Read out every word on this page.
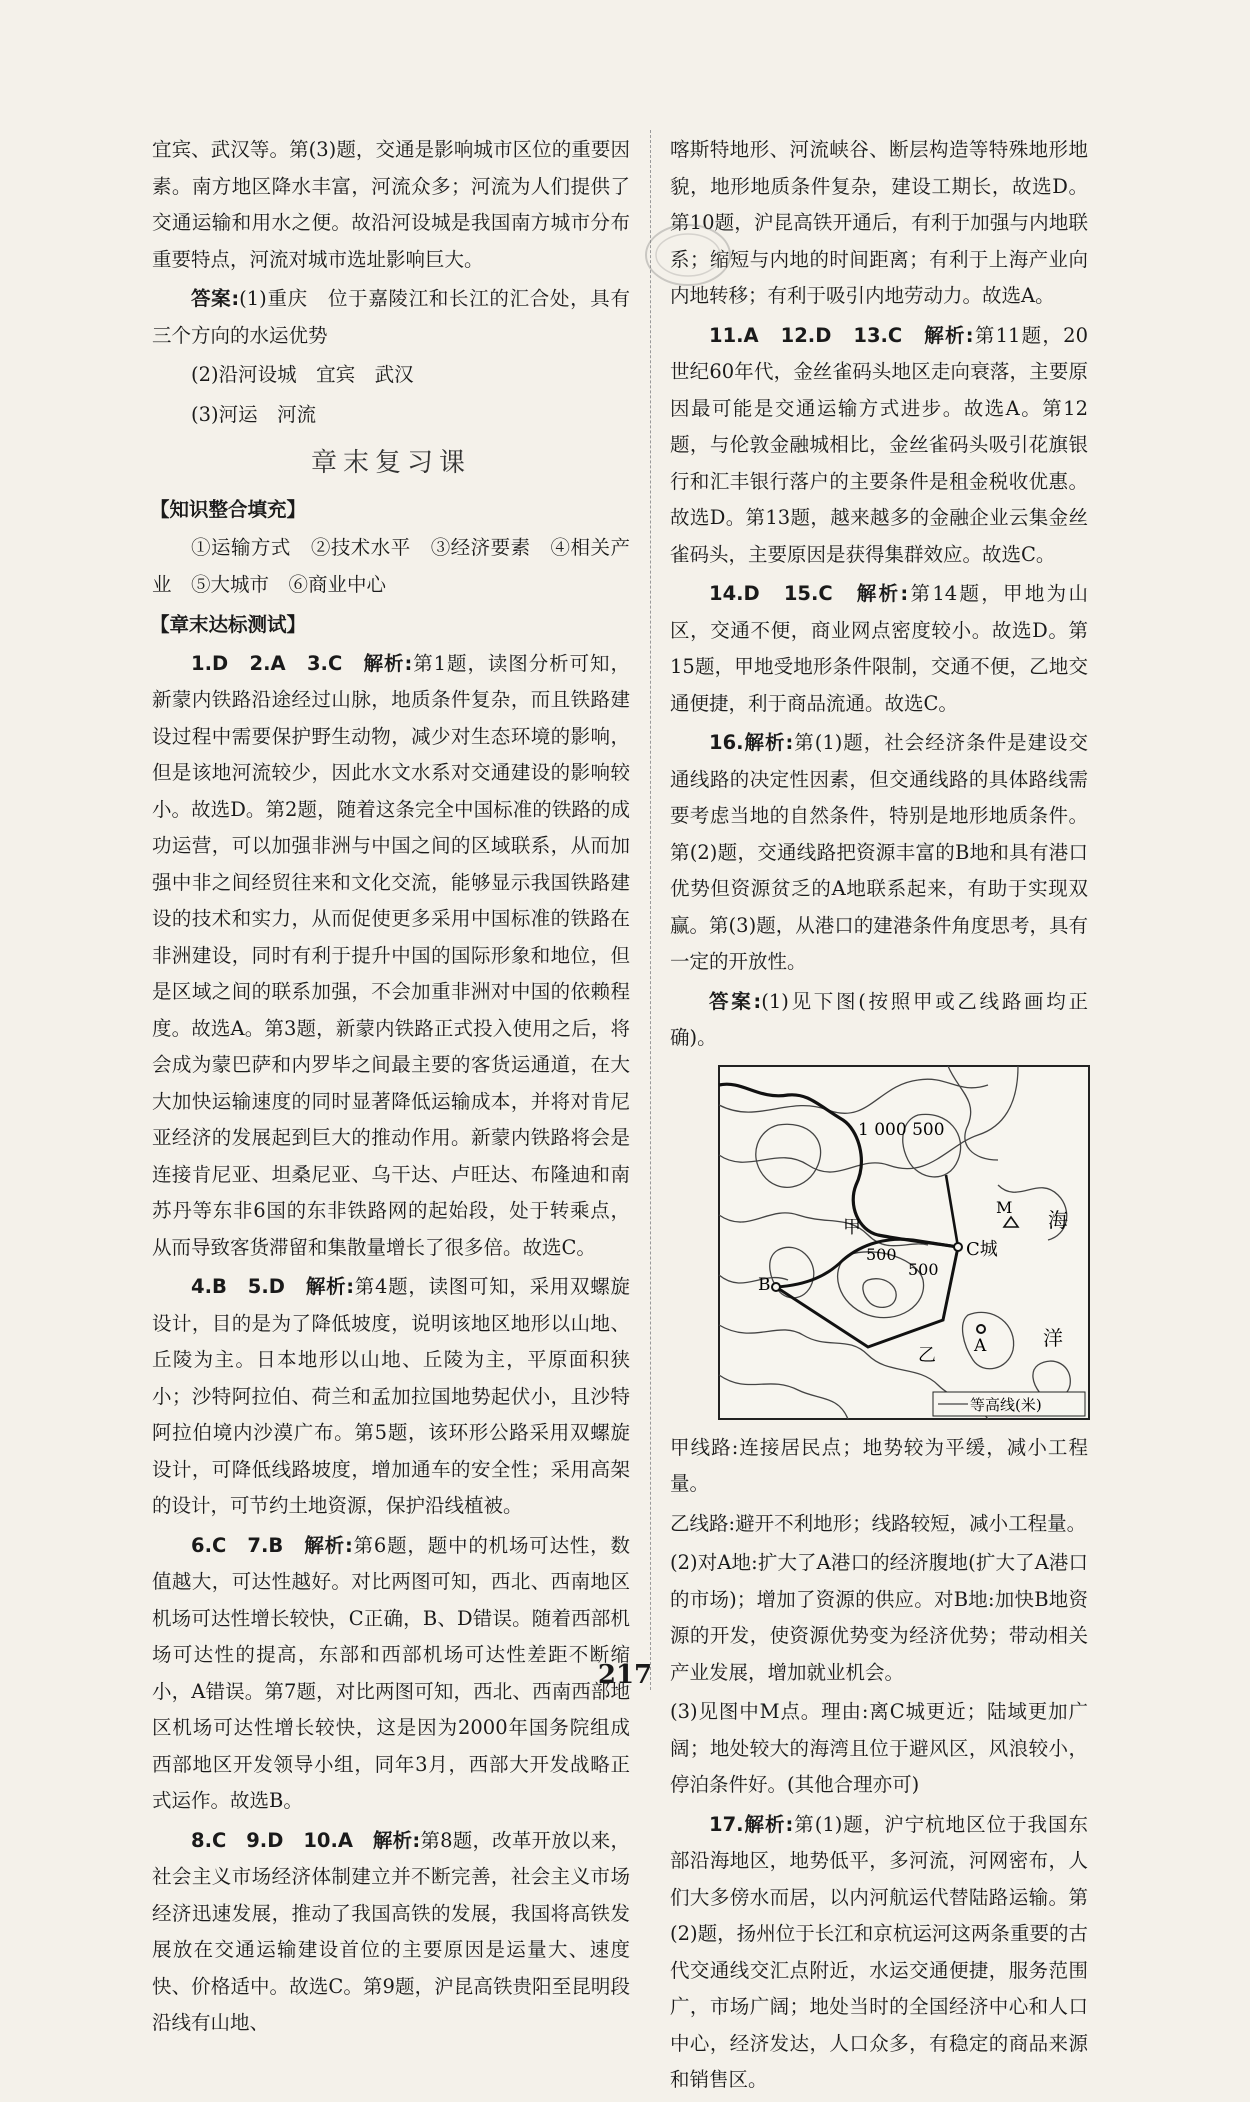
宜宾、武汉等。第(3)题，交通是影响城市区位的重要因素。南方地区降水丰富，河流众多；河流为人们提供了交通运输和用水之便。故沿河设城是我国南方城市分布重要特点，河流对城市选址影响巨大。

答案:(1)重庆　位于嘉陵江和长江的汇合处，具有三个方向的水运优势

(2)沿河设城　宜宾　武汉

(3)河运　河流

章末复习课
【知识整合填充】

①运输方式　②技术水平　③经济要素　④相关产业　⑤大城市　⑥商业中心

【章末达标测试】

1.D　2.A　3.C　解析:第1题，读图分析可知，新蒙内铁路沿途经过山脉，地质条件复杂，而且铁路建设过程中需要保护野生动物，减少对生态环境的影响，但是该地河流较少，因此水文水系对交通建设的影响较小。故选D。第2题，随着这条完全中国标准的铁路的成功运营，可以加强非洲与中国之间的区域联系，从而加强中非之间经贸往来和文化交流，能够显示我国铁路建设的技术和实力，从而促使更多采用中国标准的铁路在非洲建设，同时有利于提升中国的国际形象和地位，但是区域之间的联系加强，不会加重非洲对中国的依赖程度。故选A。第3题，新蒙内铁路正式投入使用之后，将会成为蒙巴萨和内罗毕之间最主要的客货运通道，在大大加快运输速度的同时显著降低运输成本，并将对肯尼亚经济的发展起到巨大的推动作用。新蒙内铁路将会是连接肯尼亚、坦桑尼亚、乌干达、卢旺达、布隆迪和南苏丹等东非6国的东非铁路网的起始段，处于转乘点，从而导致客货滞留和集散量增长了很多倍。故选C。

4.B　5.D　解析:第4题，读图可知，采用双螺旋设计，目的是为了降低坡度，说明该地区地形以山地、丘陵为主。日本地形以山地、丘陵为主，平原面积狭小；沙特阿拉伯、荷兰和孟加拉国地势起伏小，且沙特阿拉伯境内沙漠广布。第5题，该环形公路采用双螺旋设计，可降低线路坡度，增加通车的安全性；采用高架的设计，可节约土地资源，保护沿线植被。

6.C　7.B　解析:第6题，题中的机场可达性，数值越大，可达性越好。对比两图可知，西北、西南地区机场可达性增长较快，C正确，B、D错误。随着西部机场可达性的提高，东部和西部机场可达性差距不断缩小，A错误。第7题，对比两图可知，西北、西南西部地区机场可达性增长较快，这是因为2000年国务院组成西部地区开发领导小组，同年3月，西部大开发战略正式运作。故选B。

8.C　9.D　10.A　解析:第8题，改革开放以来，社会主义市场经济体制建立并不断完善，社会主义市场经济迅速发展，推动了我国高铁的发展，我国将高铁发展放在交通运输建设首位的主要原因是运量大、速度快、价格适中。故选C。第9题，沪昆高铁贵阳至昆明段沿线有山地、

喀斯特地形、河流峡谷、断层构造等特殊地形地貌，地形地质条件复杂，建设工期长，故选D。第10题，沪昆高铁开通后，有利于加强与内地联系；缩短与内地的时间距离；有利于上海产业向内地转移；有利于吸引内地劳动力。故选A。

11.A　12.D　13.C　解析:第11题，20世纪60年代，金丝雀码头地区走向衰落，主要原因最可能是交通运输方式进步。故选A。第12题，与伦敦金融城相比，金丝雀码头吸引花旗银行和汇丰银行落户的主要条件是租金税收优惠。故选D。第13题，越来越多的金融企业云集金丝雀码头，主要原因是获得集群效应。故选C。

14.D　15.C　解析:第14题，甲地为山区，交通不便，商业网点密度较小。故选D。第15题，甲地受地形条件限制，交通不便，乙地交通便捷，利于商品流通。故选C。

16.解析:第(1)题，社会经济条件是建设交通线路的决定性因素，但交通线路的具体路线需要考虑当地的自然条件，特别是地形地质条件。第(2)题，交通线路把资源丰富的B地和具有港口优势但资源贫乏的A地联系起来，有助于实现双赢。第(3)题，从港口的建港条件角度思考，具有一定的开放性。

答案:(1)见下图(按照甲或乙线路画均正确)。

1 000 500
M
海
洋
甲
500
500
C城
B
A
乙
等高线(米)

甲线路:连接居民点；地势较为平缓，减小工程量。

乙线路:避开不利地形；线路较短，减小工程量。

(2)对A地:扩大了A港口的经济腹地(扩大了A港口的市场)；增加了资源的供应。对B地:加快B地资源的开发，使资源优势变为经济优势；带动相关产业发展，增加就业机会。

(3)见图中M点。理由:离C城更近；陆域更加广阔；地处较大的海湾且位于避风区，风浪较小，停泊条件好。(其他合理亦可)

17.解析:第(1)题，沪宁杭地区位于我国东部沿海地区，地势低平，多河流，河网密布，人们大多傍水而居，以内河航运代替陆路运输。第(2)题，扬州位于长江和京杭运河这两条重要的古代交通线交汇点附近，水运交通便捷，服务范围广，市场广阔；地处当时的全国经济中心和人口中心，经济发达，人口众多，有稳定的商品来源和销售区。

217
